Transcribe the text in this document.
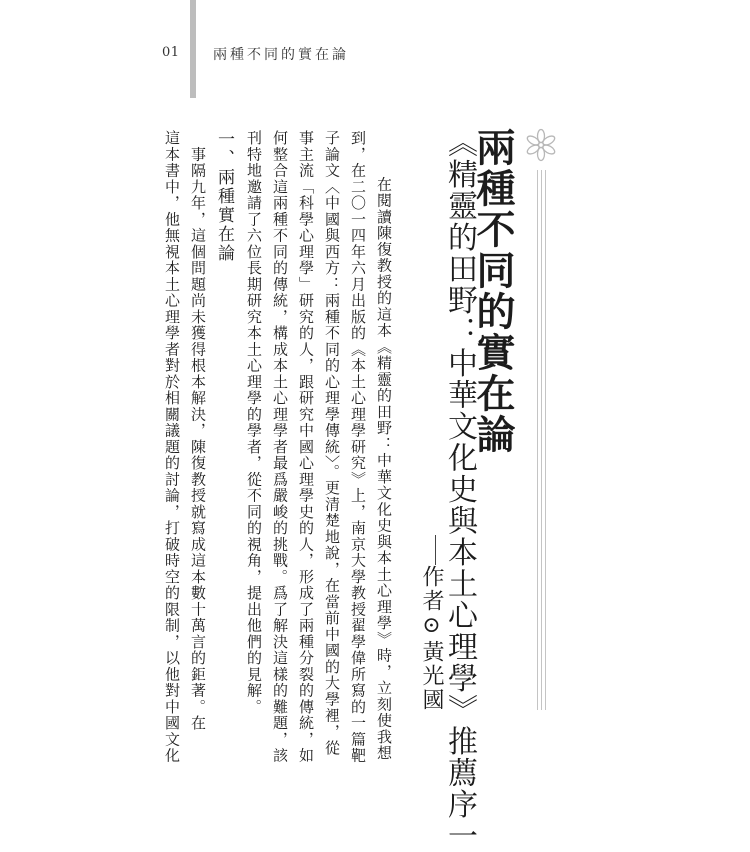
01 兩種不同的實在論
兩種不同的實在論
《精靈的田野：中華文化史與本土心理學》推薦序一
作者⊙黃光國
　在閱讀陳復教授的這本《精靈的田野：中華文化史與本土心理學》時，立刻使我想
到，在二〇一四年六月出版的《本土心理學研究》上，南京大學教授翟學偉所寫的一篇靶
子論文〈中國與西方：兩種不同的心理學傳統〉。更清楚地說，在當前中國的大學裡，從
事主流「科學心理學」研究的人，跟研究中國心理學史的人，形成了兩種分裂的傳統，如
何整合這兩種不同的傳統，構成本土心理學者最爲嚴峻的挑戰。爲了解決這樣的難題，該
刊特地邀請了六位長期研究本土心理學的學者，從不同的視角，提出他們的見解。
一、兩種實在論
　事隔九年，這個問題尚未獲得根本解決，陳復教授就寫成這本數十萬言的鉅著。在
這本書中，他無視本土心理學者對於相關議題的討論，打破時空的限制，以他對中國文化
